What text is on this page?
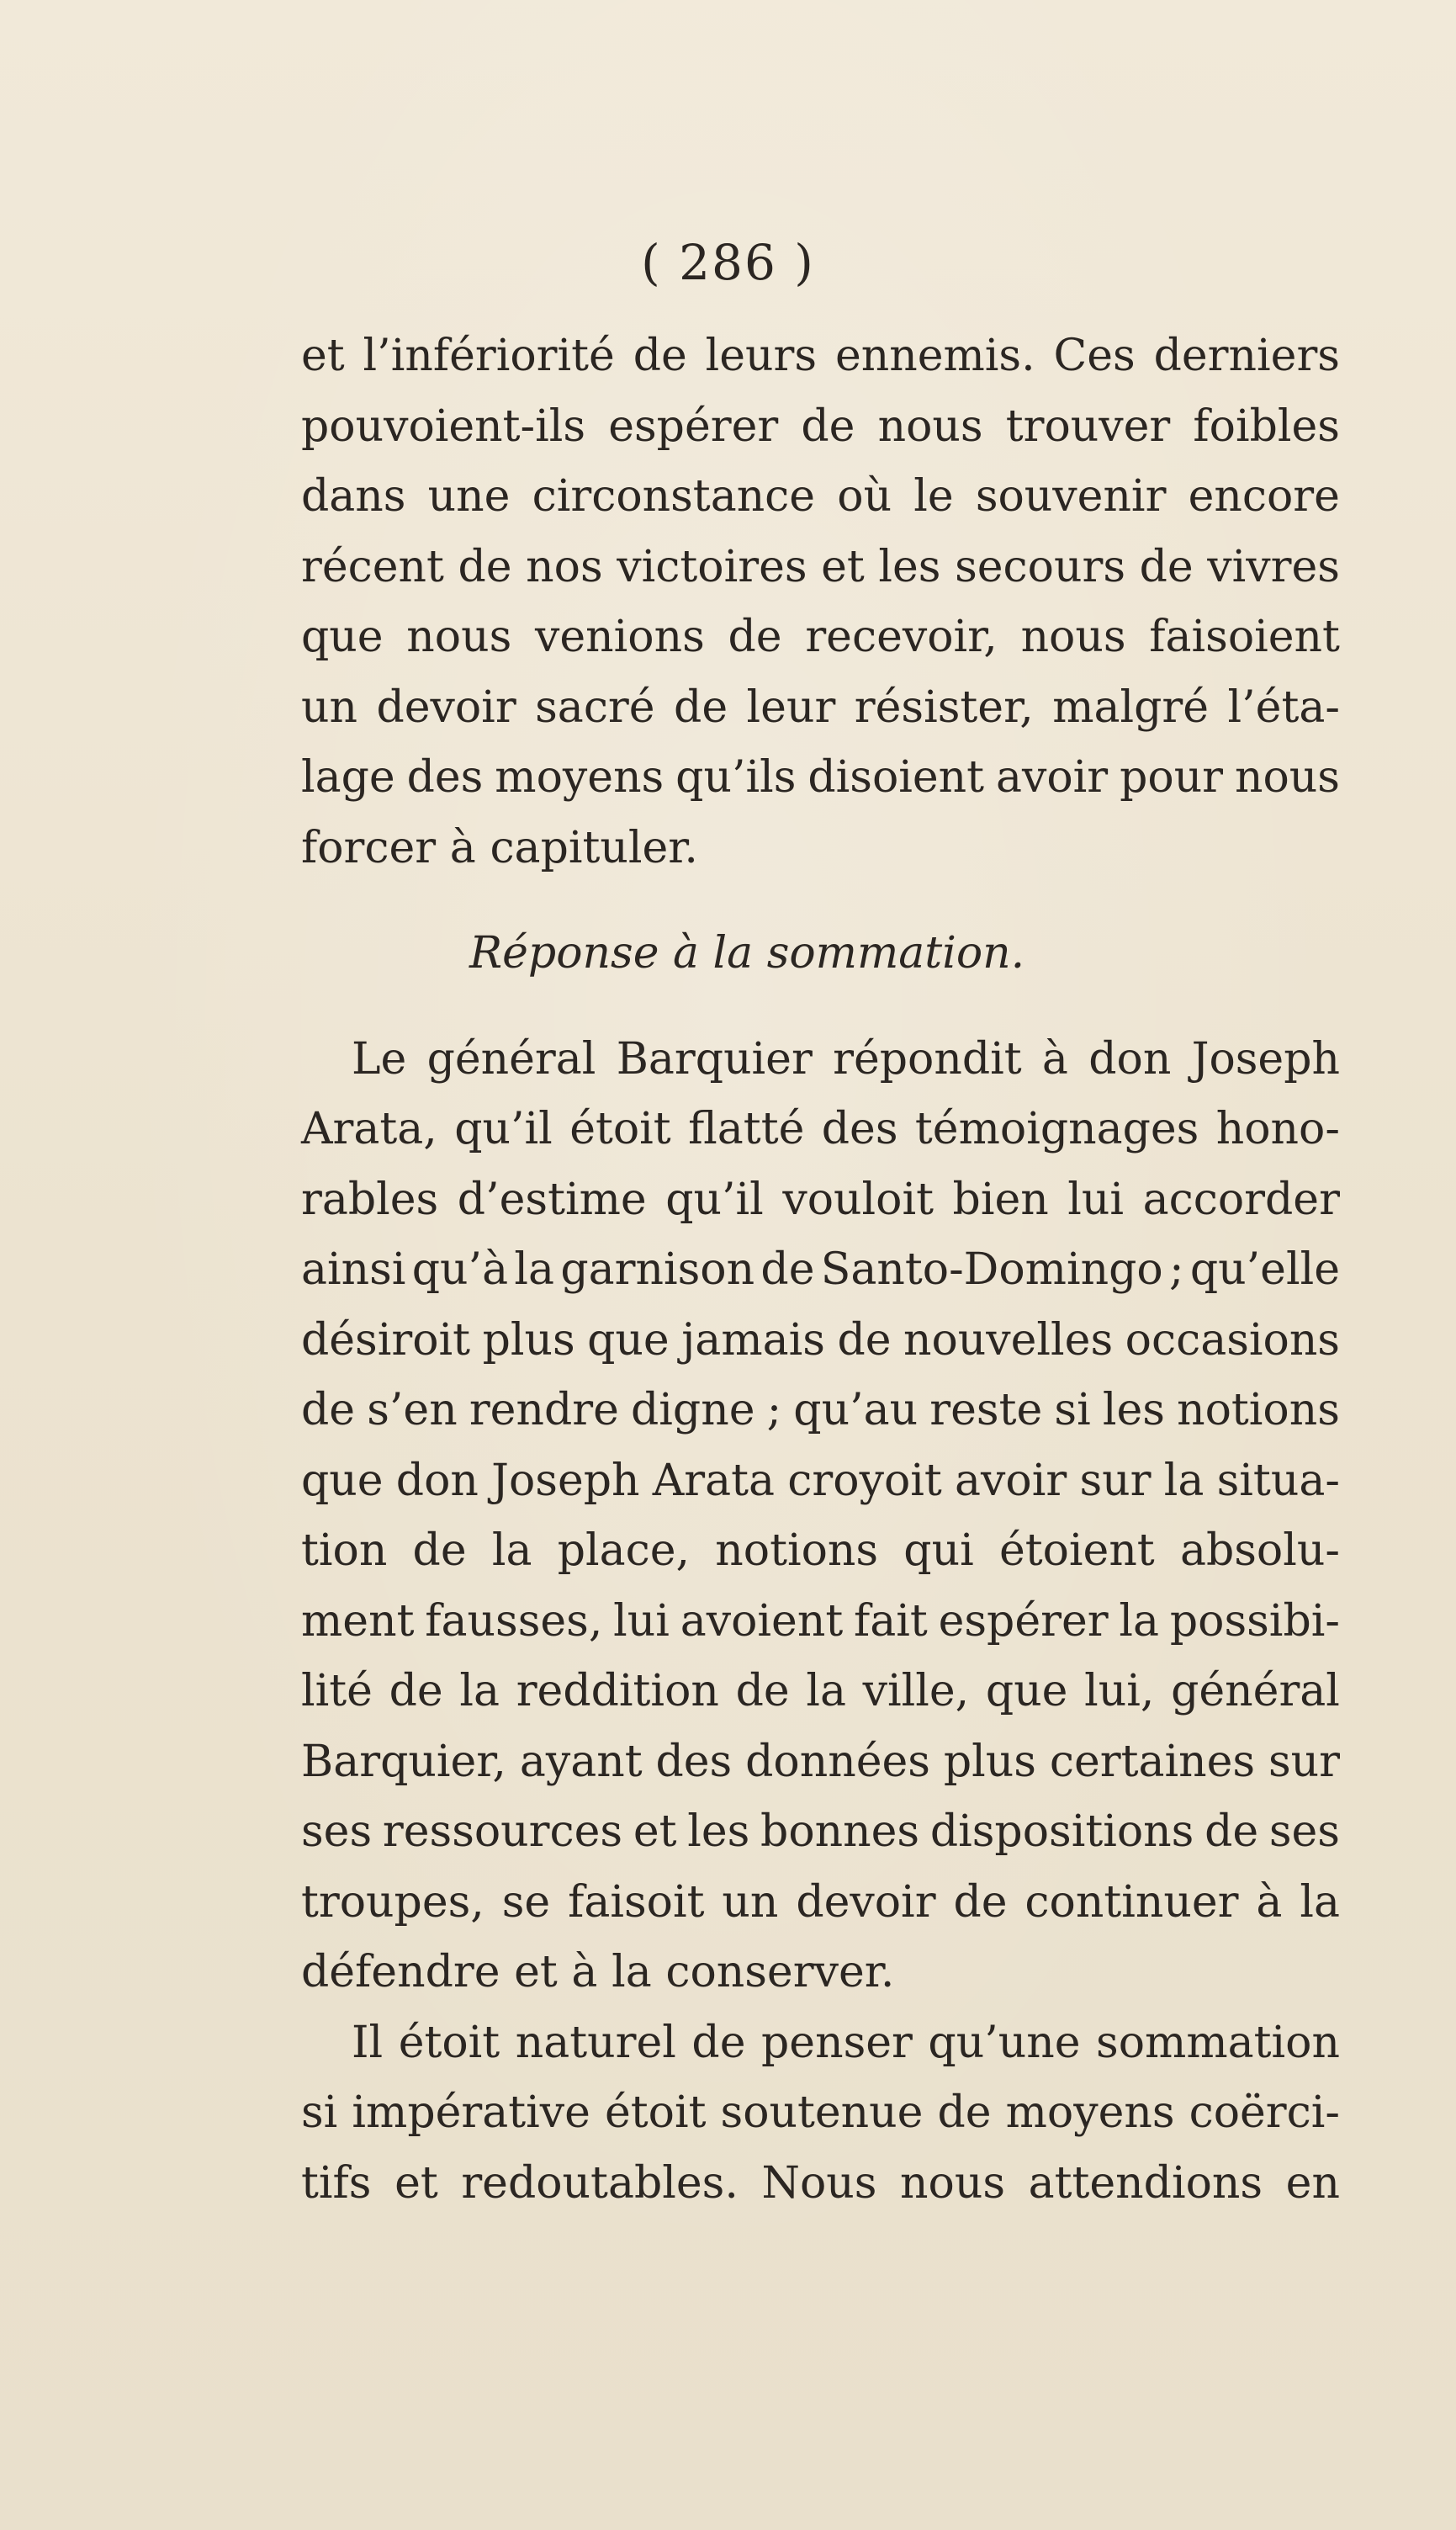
( 286 )
et l’infériorité de leurs ennemis. Ces derniers
pouvoient-ils espérer de nous trouver foibles
dans une circonstance où le souvenir encore
récent de nos victoires et les secours de vivres
que nous venions de recevoir, nous faisoient
un devoir sacré de leur résister, malgré l’éta-
lage des moyens qu’ils disoient avoir pour nous
forcer à capituler.
Réponse à la sommation.
Le général Barquier répondit à don Joseph
Arata, qu’il étoit flatté des témoignages hono-
rables d’estime qu’il vouloit bien lui accorder
ainsi qu’à la garnison de Santo-Domingo ; qu’elle
désiroit plus que jamais de nouvelles occasions
de s’en rendre digne ; qu’au reste si les notions
que don Joseph Arata croyoit avoir sur la situa-
tion de la place, notions qui étoient absolu-
ment fausses, lui avoient fait espérer la possibi-
lité de la reddition de la ville, que lui, général
Barquier, ayant des données plus certaines sur
ses ressources et les bonnes dispositions de ses
troupes, se faisoit un devoir de continuer à la
défendre et à la conserver.
Il étoit naturel de penser qu’une sommation
si impérative étoit soutenue de moyens coërci-
tifs et redoutables. Nous nous attendions en
